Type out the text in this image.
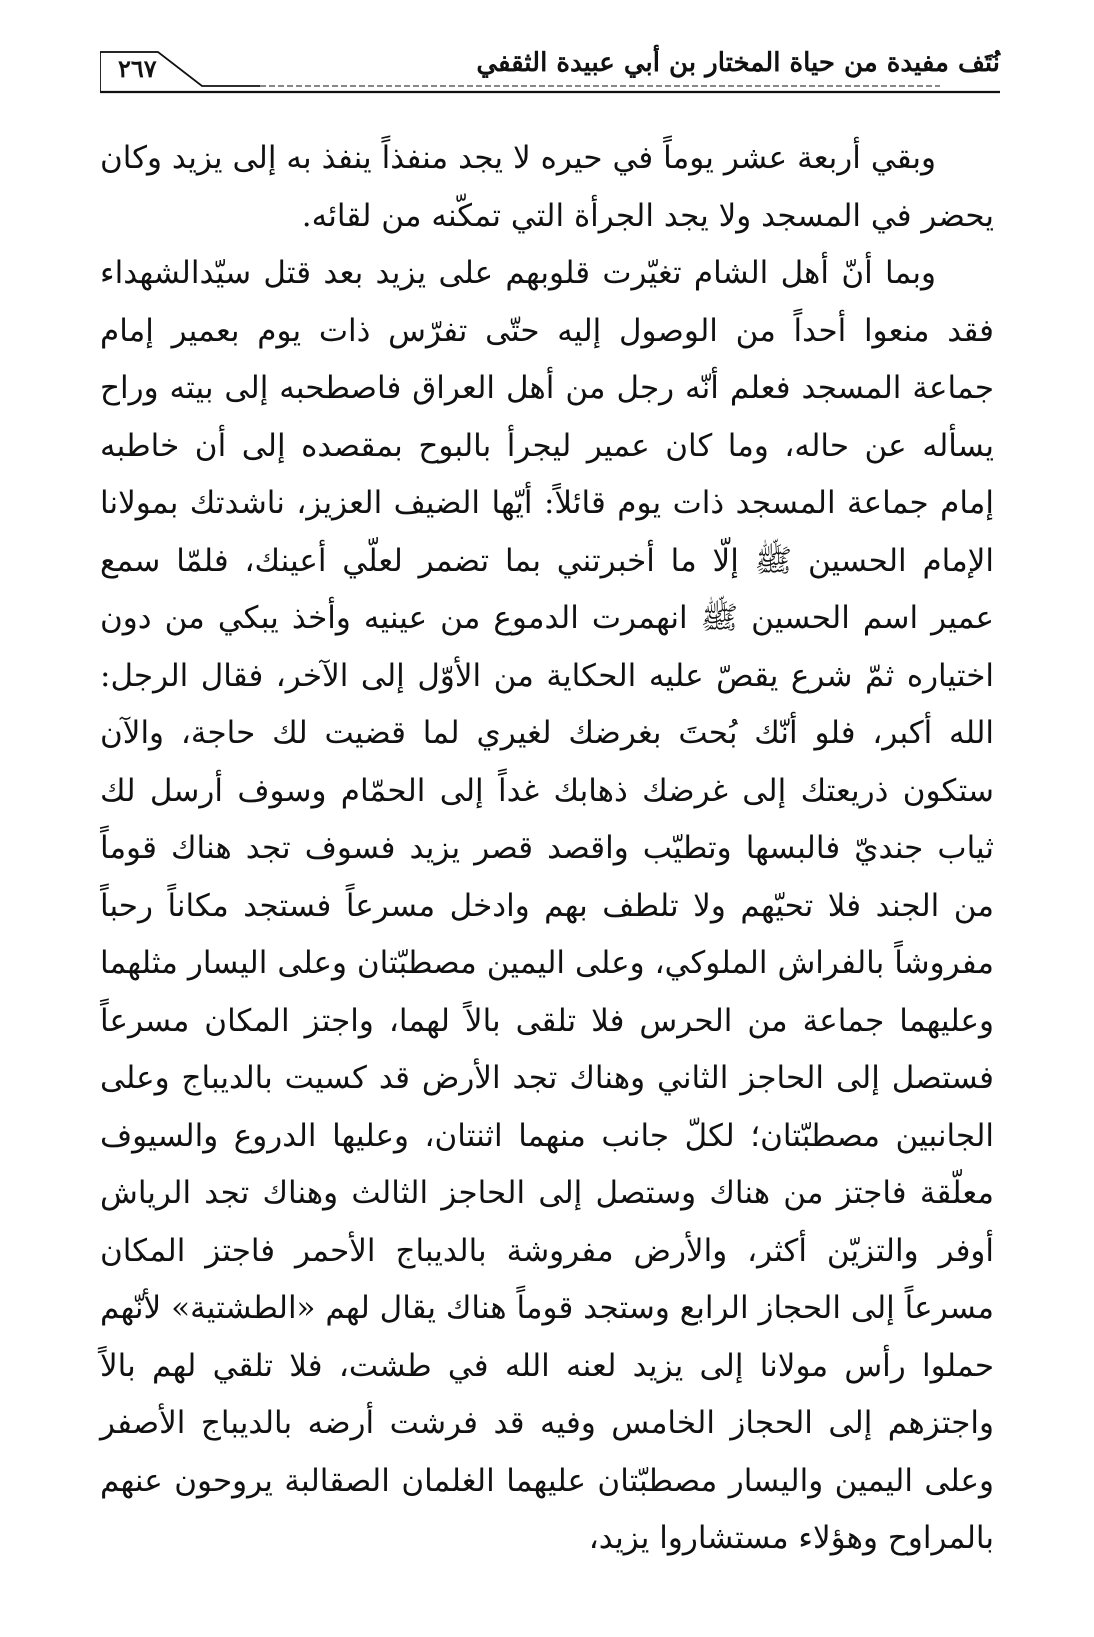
٢٦٧	نُتَف مفيدة من حياة المختار بن أبي عبيدة الثقفي

وبقي أربعة عشر يوماً في حيره لا يجد منفذاً ينفذ به إلى يزيد وكان يحضر في المسجد ولا يجد الجرأة التي تمكّنه من لقائه.

وبما أنّ أهل الشام تغيّرت قلوبهم على يزيد بعد قتل سيّدالشهداء فقد منعوا أحداً من الوصول إليه حتّى تفرّس ذات يوم بعمير إمام جماعة المسجد فعلم أنّه رجل من أهل العراق فاصطحبه إلى بيته وراح يسأله عن حاله، وما كان عمير ليجرأ بالبوح بمقصده إلى أن خاطبه إمام جماعة المسجد ذات يوم قائلاً: أيّها الضيف العزيز، ناشدتك بمولانا الإمام الحسين ﷺ إلّا ما أخبرتني بما تضمر لعلّي أعينك، فلمّا سمع عمير اسم الحسين ﷺ انهمرت الدموع من عينيه وأخذ يبكي من دون اختياره ثمّ شرع يقصّ عليه الحكاية من الأوّل إلى الآخر، فقال الرجل: الله أكبر، فلو أنّك بُحتَ بغرضك لغيري لما قضيت لك حاجة، والآن ستكون ذريعتك إلى غرضك ذهابك غداً إلى الحمّام وسوف أرسل لك ثياب جنديّ فالبسها وتطيّب واقصد قصر يزيد فسوف تجد هناك قوماً من الجند فلا تحيّهم ولا تلطف بهم وادخل مسرعاً فستجد مكاناً رحباً مفروشاً بالفراش الملوكي، وعلى اليمين مصطبّتان وعلى اليسار مثلهما وعليهما جماعة من الحرس فلا تلقى بالاً لهما، واجتز المكان مسرعاً فستصل إلى الحاجز الثاني وهناك تجد الأرض قد كسيت بالديباج وعلى الجانبين مصطبّتان؛ لكلّ جانب منهما اثنتان، وعليها الدروع والسيوف معلّقة فاجتز من هناك وستصل إلى الحاجز الثالث وهناك تجد الرياش أوفر والتزيّن أكثر، والأرض مفروشة بالديباج الأحمر فاجتز المكان مسرعاً إلى الحجاز الرابع وستجد قوماً هناك يقال لهم «الطشتية» لأنّهم حملوا رأس مولانا إلى يزيد لعنه الله في طشت، فلا تلقي لهم بالاً واجتزهم إلى الحجاز الخامس وفيه قد فرشت أرضه بالديباج الأصفر وعلى اليمين واليسار مصطبّتان عليهما الغلمان الصقالبة يروحون عنهم بالمراوح وهؤلاء مستشاروا يزيد،
